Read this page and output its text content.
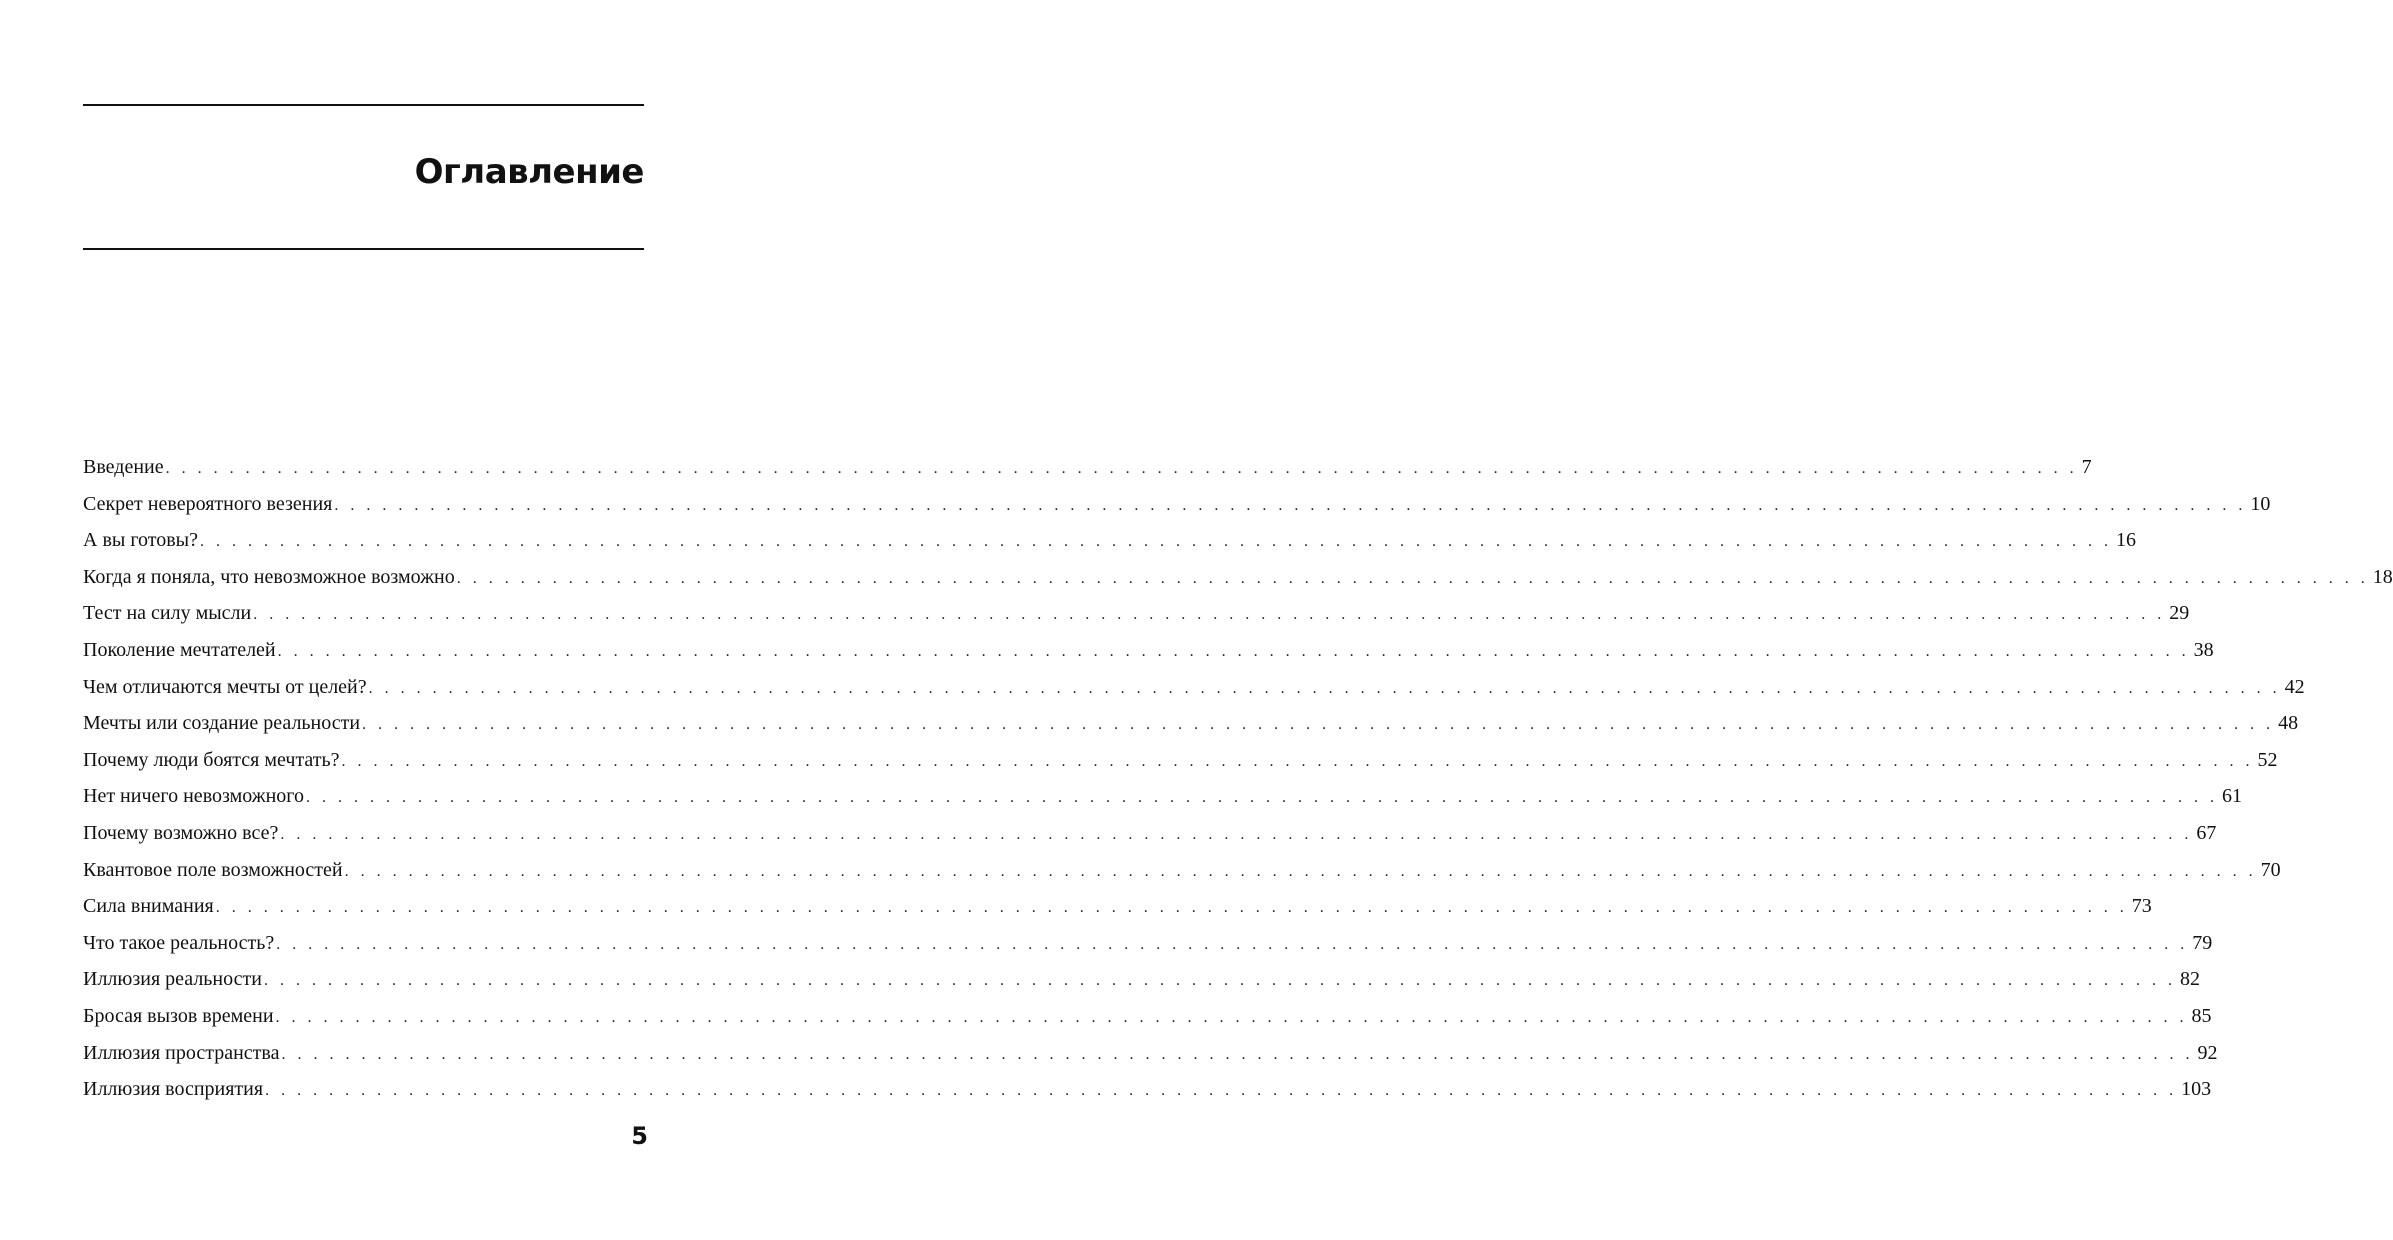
Оглавление
Введение . . . . . . . . . . . . . . . . . . . . . . . . . . . . . . . . . . . . . . . . . . . . . . . . . . . . . . . . . . . . . . . . . . . . . . . . . . . . . . . . . . . . . . . . . . . . . . . . . . . . . . . . . . . . . . . . . . . . . . . . 7
Секрет невероятного везения . . . . . . . . . . . . . . . . . . . . . . . . . . . . . . . . . . . . . . . . . . . . . . . . . . . . . . . . . . . . . . . . . . . . . . . . . . . . . . . . . . . . . . . . . . . . . . . . . . . . . . . . . . . . . . . . . . . . . . . . 10
А вы готовы? . . . . . . . . . . . . . . . . . . . . . . . . . . . . . . . . . . . . . . . . . . . . . . . . . . . . . . . . . . . . . . . . . . . . . . . . . . . . . . . . . . . . . . . . . . . . . . . . . . . . . . . . . . . . . . . . . . . . . . . . 16
Когда я поняла, что невозможное возможно . . . . . . . . . . . . . . . . . . . . . . . . . . . . . . . . . . . . . . . . . . . . . . . . . . . . . . . . . . . . . . . . . . . . . . . . . . . . . . . . . . . . . . . . . . . . . . . . . . . . . . . . . . . . . . . . . . . . . . . . 18
Тест на силу мысли . . . . . . . . . . . . . . . . . . . . . . . . . . . . . . . . . . . . . . . . . . . . . . . . . . . . . . . . . . . . . . . . . . . . . . . . . . . . . . . . . . . . . . . . . . . . . . . . . . . . . . . . . . . . . . . . . . . . . . . . 29
Поколение мечтателей . . . . . . . . . . . . . . . . . . . . . . . . . . . . . . . . . . . . . . . . . . . . . . . . . . . . . . . . . . . . . . . . . . . . . . . . . . . . . . . . . . . . . . . . . . . . . . . . . . . . . . . . . . . . . . . . . . . . . . . . 38
Чем отличаются мечты от целей? . . . . . . . . . . . . . . . . . . . . . . . . . . . . . . . . . . . . . . . . . . . . . . . . . . . . . . . . . . . . . . . . . . . . . . . . . . . . . . . . . . . . . . . . . . . . . . . . . . . . . . . . . . . . . . . . . . . . . . . . 42
Мечты или создание реальности . . . . . . . . . . . . . . . . . . . . . . . . . . . . . . . . . . . . . . . . . . . . . . . . . . . . . . . . . . . . . . . . . . . . . . . . . . . . . . . . . . . . . . . . . . . . . . . . . . . . . . . . . . . . . . . . . . . . . . . . 48
Почему люди боятся мечтать? . . . . . . . . . . . . . . . . . . . . . . . . . . . . . . . . . . . . . . . . . . . . . . . . . . . . . . . . . . . . . . . . . . . . . . . . . . . . . . . . . . . . . . . . . . . . . . . . . . . . . . . . . . . . . . . . . . . . . . . . 52
Нет ничего невозможного . . . . . . . . . . . . . . . . . . . . . . . . . . . . . . . . . . . . . . . . . . . . . . . . . . . . . . . . . . . . . . . . . . . . . . . . . . . . . . . . . . . . . . . . . . . . . . . . . . . . . . . . . . . . . . . . . . . . . . . . 61
Почему возможно все? . . . . . . . . . . . . . . . . . . . . . . . . . . . . . . . . . . . . . . . . . . . . . . . . . . . . . . . . . . . . . . . . . . . . . . . . . . . . . . . . . . . . . . . . . . . . . . . . . . . . . . . . . . . . . . . . . . . . . . . . 67
Квантовое поле возможностей . . . . . . . . . . . . . . . . . . . . . . . . . . . . . . . . . . . . . . . . . . . . . . . . . . . . . . . . . . . . . . . . . . . . . . . . . . . . . . . . . . . . . . . . . . . . . . . . . . . . . . . . . . . . . . . . . . . . . . . . 70
Сила внимания . . . . . . . . . . . . . . . . . . . . . . . . . . . . . . . . . . . . . . . . . . . . . . . . . . . . . . . . . . . . . . . . . . . . . . . . . . . . . . . . . . . . . . . . . . . . . . . . . . . . . . . . . . . . . . . . . . . . . . . . 73
Что такое реальность? . . . . . . . . . . . . . . . . . . . . . . . . . . . . . . . . . . . . . . . . . . . . . . . . . . . . . . . . . . . . . . . . . . . . . . . . . . . . . . . . . . . . . . . . . . . . . . . . . . . . . . . . . . . . . . . . . . . . . . . . 79
Иллюзия реальности . . . . . . . . . . . . . . . . . . . . . . . . . . . . . . . . . . . . . . . . . . . . . . . . . . . . . . . . . . . . . . . . . . . . . . . . . . . . . . . . . . . . . . . . . . . . . . . . . . . . . . . . . . . . . . . . . . . . . . . . 82
Бросая вызов времени . . . . . . . . . . . . . . . . . . . . . . . . . . . . . . . . . . . . . . . . . . . . . . . . . . . . . . . . . . . . . . . . . . . . . . . . . . . . . . . . . . . . . . . . . . . . . . . . . . . . . . . . . . . . . . . . . . . . . . . . 85
Иллюзия пространства . . . . . . . . . . . . . . . . . . . . . . . . . . . . . . . . . . . . . . . . . . . . . . . . . . . . . . . . . . . . . . . . . . . . . . . . . . . . . . . . . . . . . . . . . . . . . . . . . . . . . . . . . . . . . . . . . . . . . . . . 92
Иллюзия восприятия . . . . . . . . . . . . . . . . . . . . . . . . . . . . . . . . . . . . . . . . . . . . . . . . . . . . . . . . . . . . . . . . . . . . . . . . . . . . . . . . . . . . . . . . . . . . . . . . . . . . . . . . . . . . . . . . . . . . . . . . 103
5
